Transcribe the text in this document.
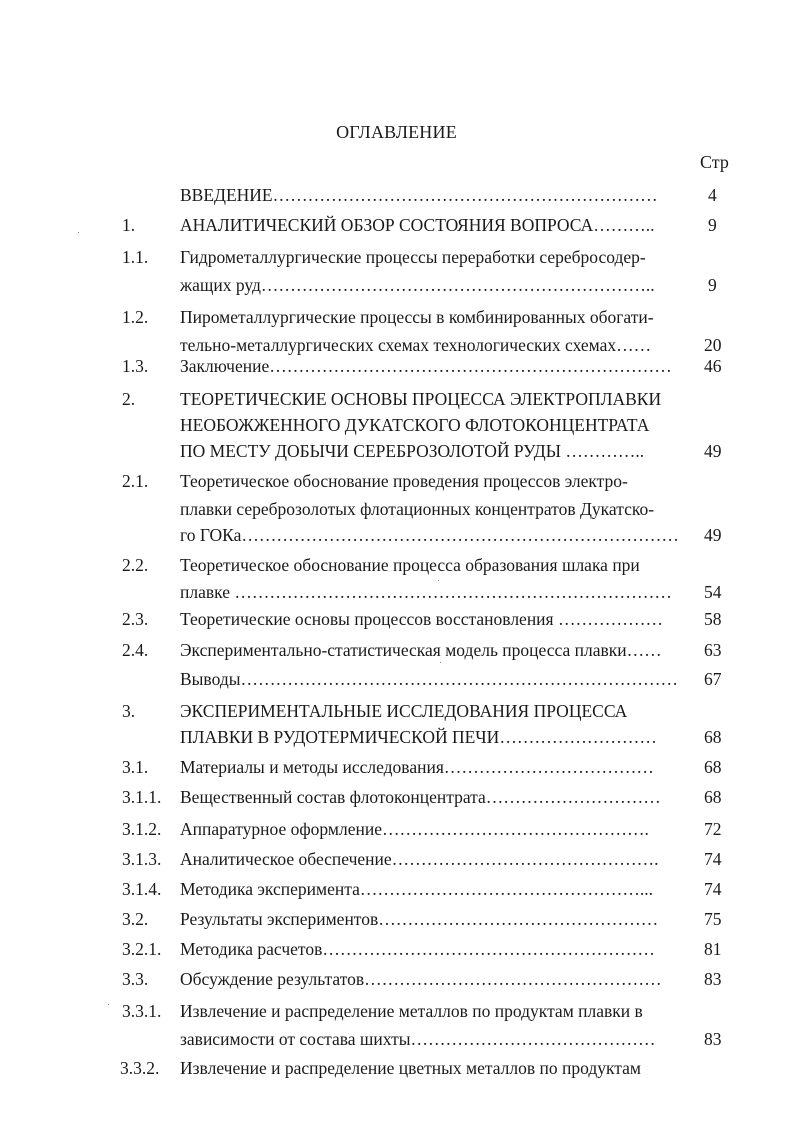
ОГЛАВЛЕНИЕ
Стр
ВВЕДЕНИЕ…………………………………………………………	4
1.	АНАЛИТИЧЕСКИЙ ОБЗОР СОСТОЯНИЯ ВОПРОСА………..	9
1.1. Гидрометаллургические процессы переработки серебросодер-
жащих руд…………………………………………………………..	9
1.2. Пирометаллургические процессы в комбинированных обогати-
тельно-металлургических схемах технологических схемах……	20
1.3. Заключение…………………………………………………………… 46
2.	ТЕОРЕТИЧЕСКИЕ ОСНОВЫ ПРОЦЕССА ЭЛЕКТРОПЛАВКИ
НЕОБОЖЖЕННОГО ДУКАТСКОГО ФЛОТОКОНЦЕНТРАТА
ПО МЕСТУ ДОБЫЧИ СЕРЕБРОЗОЛОТОЙ РУДЫ …………..	49
2.1. Теоретическое обоснование проведения процессов электро-
плавки сереброзолотых флотационных концентратов Дукатско-
го ГОКа………………………………………………………………… 49
2.2. Теоретическое обоснование процесса образования шлака при
плавке ………………………………………………………………… 54
2.3. Теоретические основы процессов восстановления ……………… 58
2.4. Экспериментально-статистическая модель процесса плавки…… 63
Выводы………………………………………………………………… 67
3.	ЭКСПЕРИМЕНТАЛЬНЫЕ ИССЛЕДОВАНИЯ ПРОЦЕССА
ПЛАВКИ В РУДОТЕРМИЧЕСКОЙ ПЕЧИ………………………	68
3.1. Материалы и методы исследования………………………………	68
3.1.1. Вещественный состав флотоконцентрата………………………… 68
3.1.2. Аппаратурное оформление……………………………………….	72
3.1.3. Аналитическое обеспечение……………………………………….	74
3.1.4. Методика эксперимента…………………………………………...	74
3.2. Результаты экспериментов…………………………………………	75
3.2.1. Методика расчетов…………………………………………………	81
3.3. Обсуждение результатов…………………………………………… 83
3.3.1. Извлечение и распределение металлов по продуктам плавки в
зависимости от состава шихты……………………………………	83
3.3.2. Извлечение и распределение цветных металлов по продуктам
